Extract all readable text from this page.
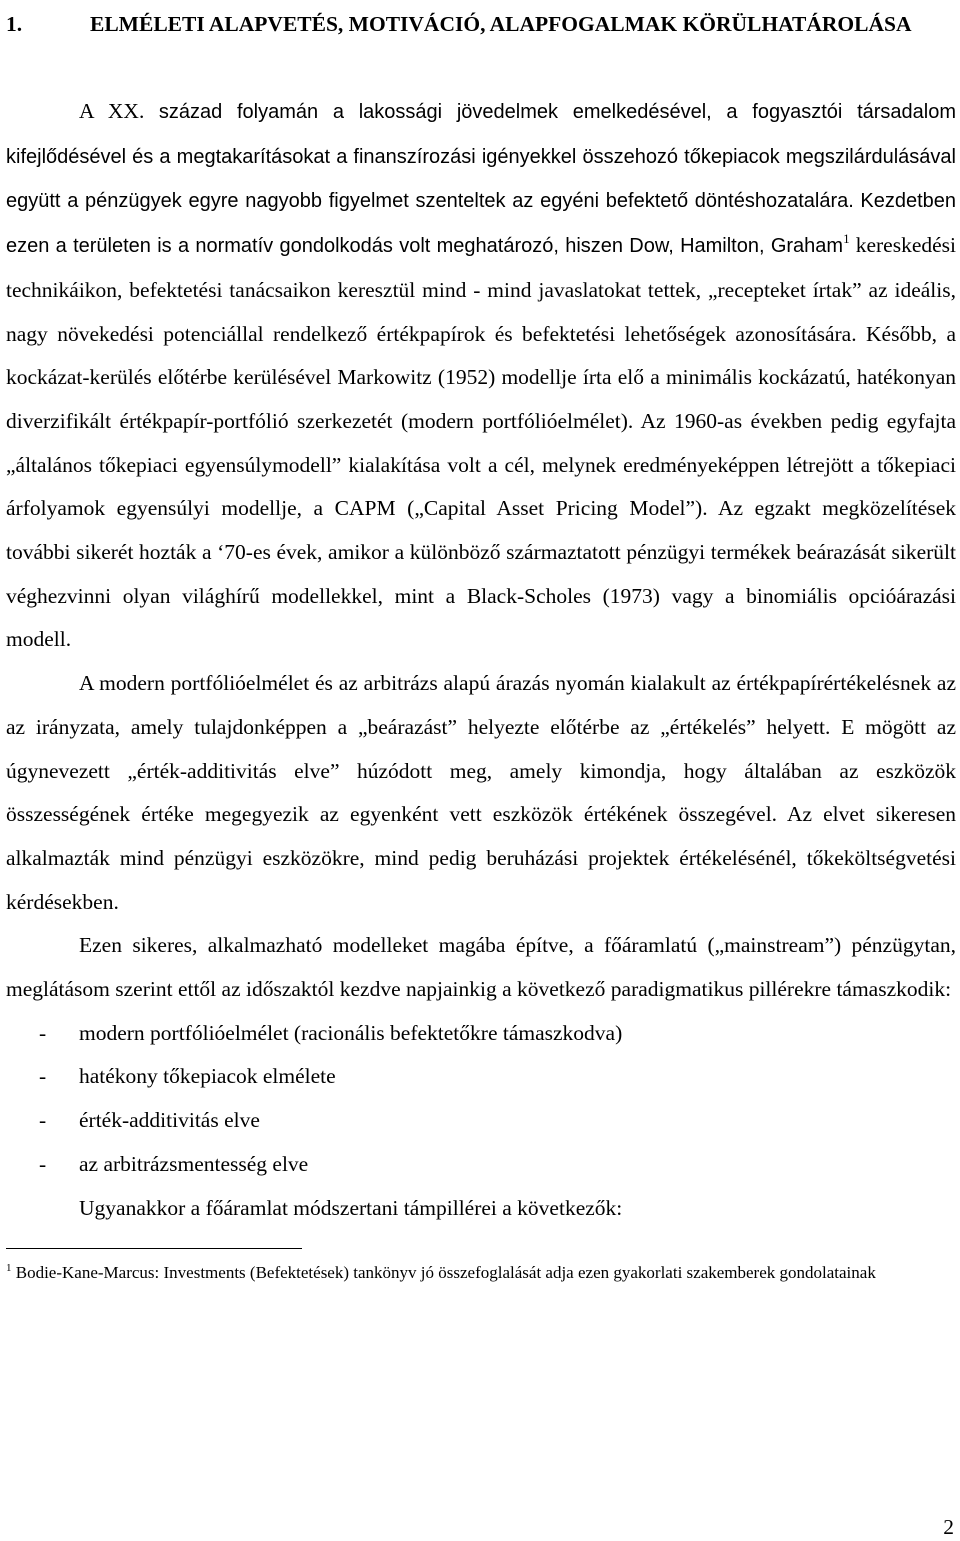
1.	ELMÉLETI ALAPVETÉS, MOTIVÁCIÓ, ALAPFOGALMAK KÖRÜLHATÁROLÁSA

A XX. század folyamán a lakossági jövedelmek emelkedésével, a fogyasztói társadalom kifejlődésével és a megtakarításokat a finanszírozási igényekkel összehozó tőkepiacok megszilárdulásával együtt a pénzügyek egyre nagyobb figyelmet szenteltek az egyéni befektető döntéshozatalára. Kezdetben ezen a területen is a normatív gondolkodás volt meghatározó, hiszen Dow, Hamilton, Graham$^1$ kereskedési technikáikon, befektetési tanácsaikon keresztül mind - mind javaslatokat tettek, „recepteket írtak” az ideális, nagy növekedési potenciállal rendelkező értékpapírok és befektetési lehetőségek azonosítására. Később, a kockázat-kerülés előtérbe kerülésével Markowitz (1952) modellje írta elő a minimális kockázatú, hatékonyan diverzifikált értékpapír-portfólió szerkezetét (modern portfólióelmélet). Az 1960-as években pedig egyfajta „általános tőkepiaci egyensúlymodell” kialakítása volt a cél, melynek eredményeképpen létrejött a tőkepiaci árfolyamok egyensúlyi modellje, a CAPM („Capital Asset Pricing Model”). Az egzakt megközelítések további sikerét hozták a ‘70-es évek, amikor a különböző származtatott pénzügyi termékek beárazását sikerült véghezvinni olyan világhírű modellekkel, mint a Black-Scholes (1973) vagy a binomiális opcióárazási modell.

A modern portfólióelmélet és az arbitrázs alapú árazás nyomán kialakult az értékpapírértékelésnek az az irányzata, amely tulajdonképpen a „beárazást” helyezte előtérbe az „értékelés” helyett. E mögött az úgynevezett „érték-additivitás elve” húzódott meg, amely kimondja, hogy általában az eszközök összességének értéke megegyezik az egyenként vett eszközök értékének összegével. Az elvet sikeresen alkalmazták mind pénzügyi eszközökre, mind pedig beruházási projektek értékelésénél, tőkeköltségvetési kérdésekben.

Ezen sikeres, alkalmazható modelleket magába építve, a főáramlatú („mainstream”) pénzügytan, meglátásom szerint ettől az időszaktól kezdve napjainkig a következő paradigmatikus pillérekre támaszkodik:

- modern portfólióelmélet (racionális befektetőkre támaszkodva)
- hatékony tőkepiacok elmélete
- érték-additivitás elve
- az arbitrázsmentesség elve

Ugyanakkor a főáramlat módszertani támpillérei a következők:

$^1$ Bodie-Kane-Marcus: Investments (Befektetések) tankönyv jó összefoglalását adja ezen gyakorlati szakemberek gondolatainak
2
